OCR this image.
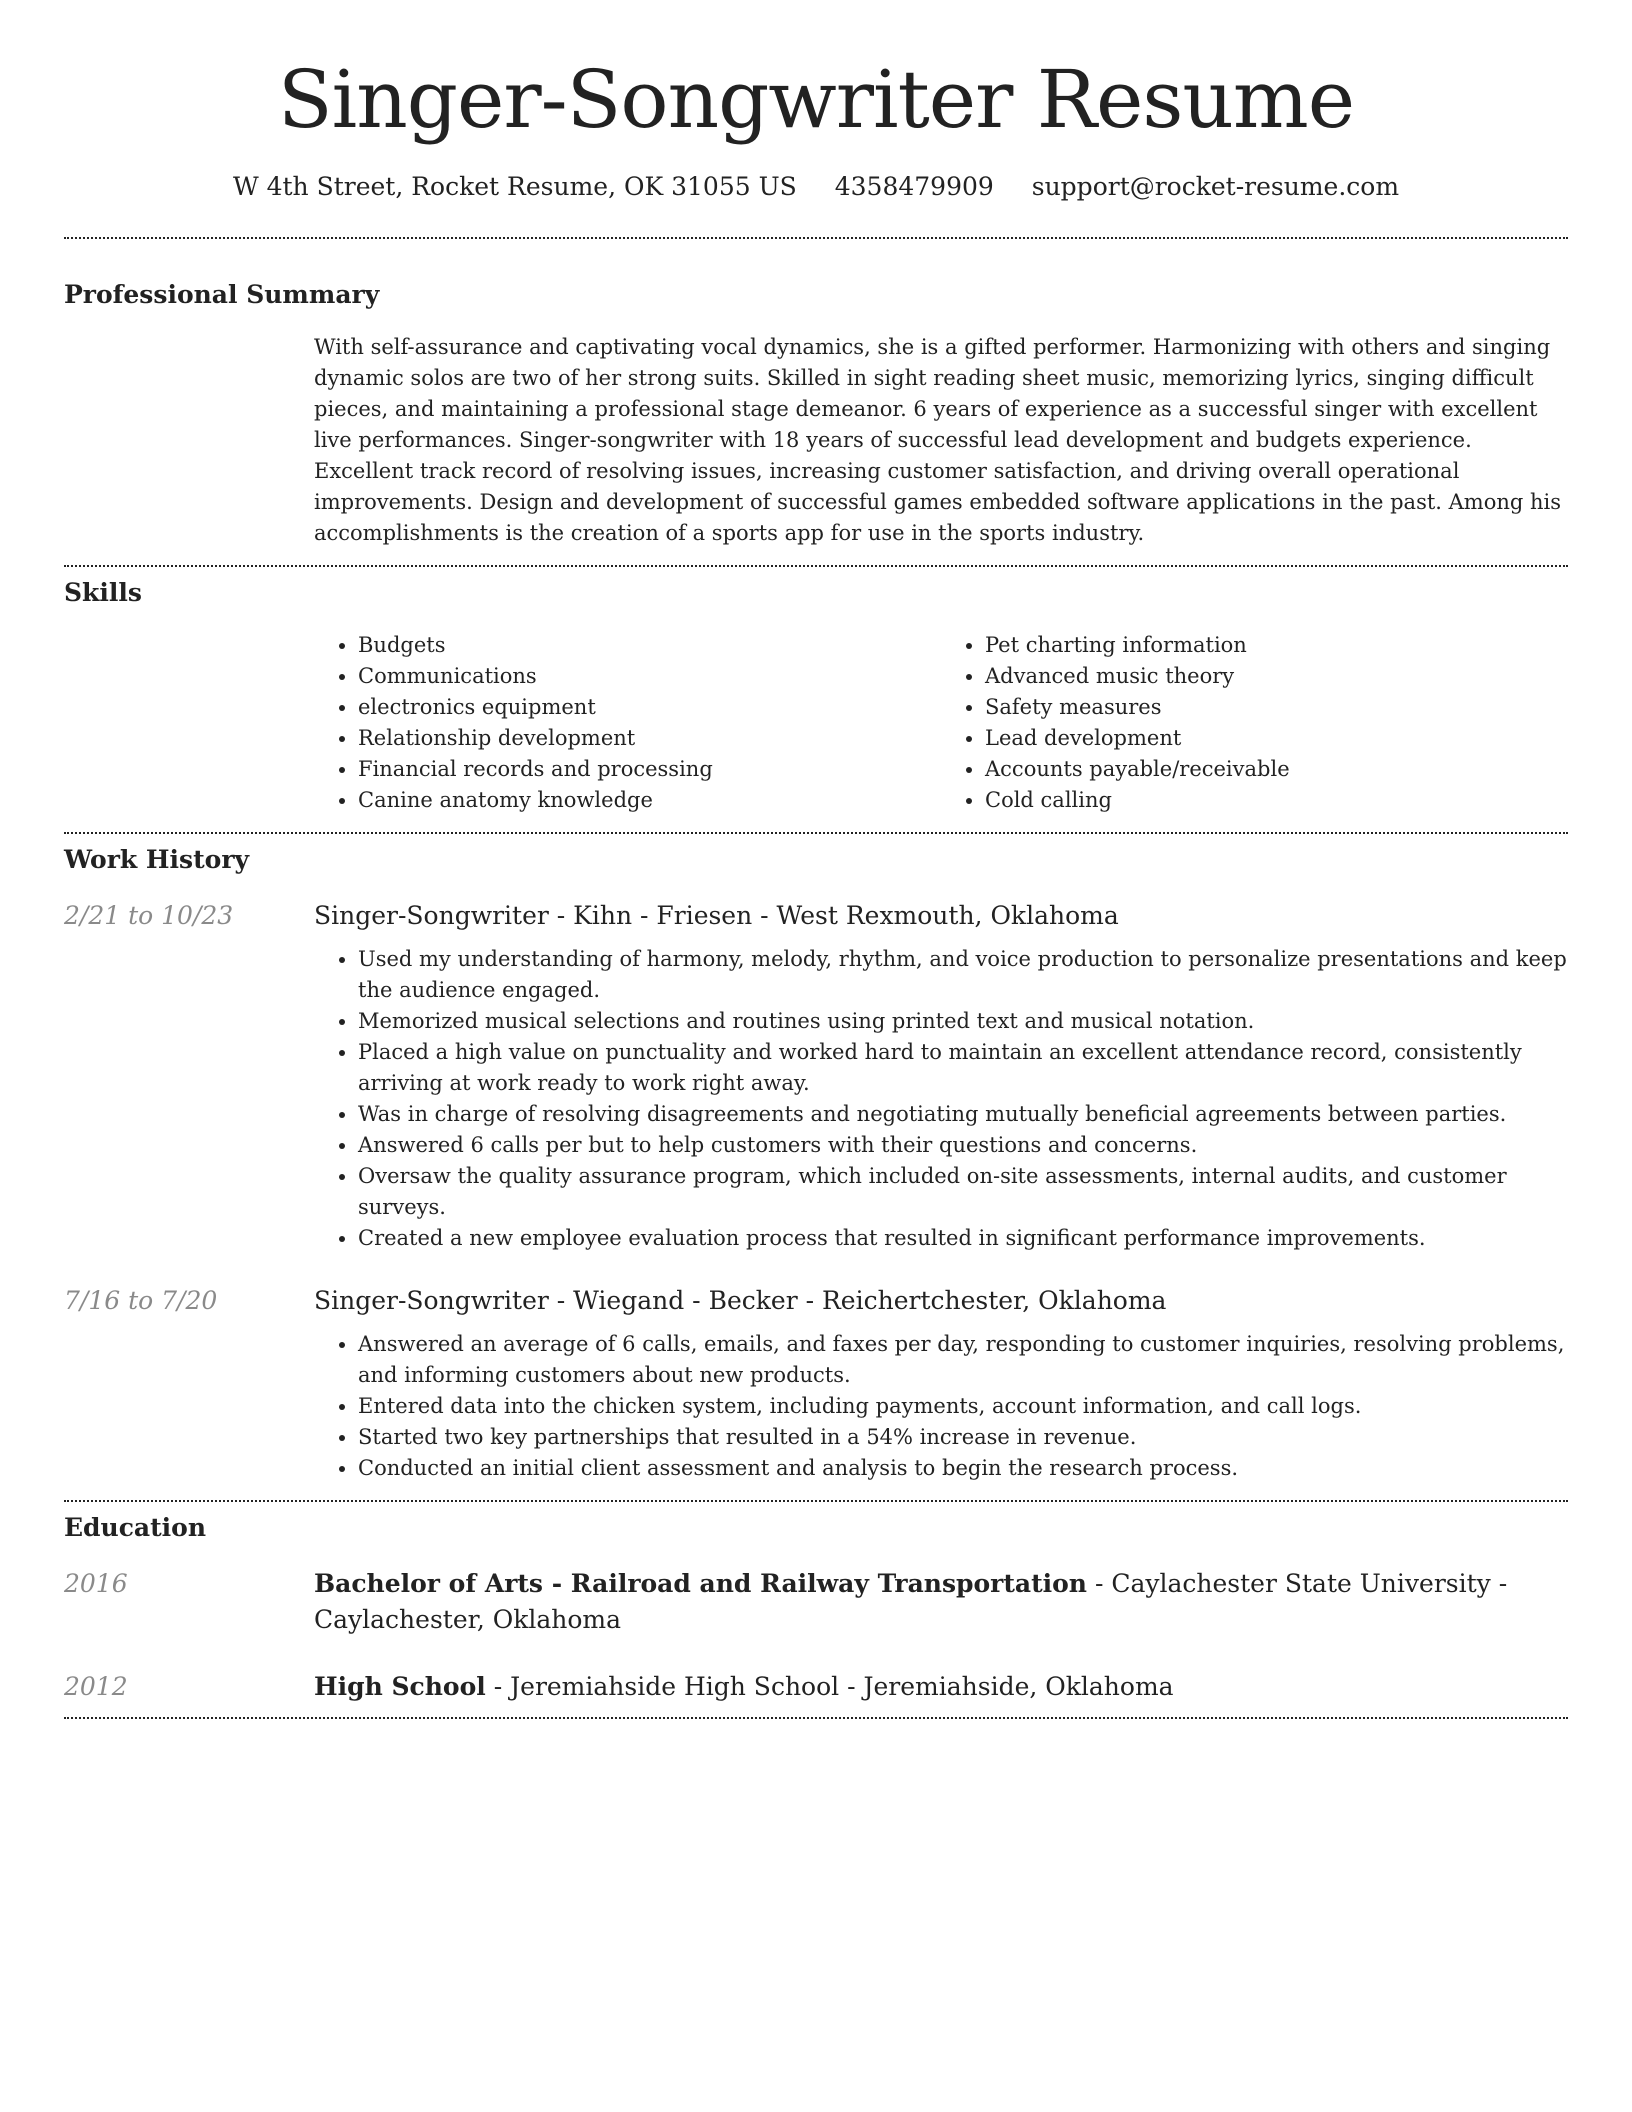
Singer-Songwriter Resume
W 4th Street, Rocket Resume, OK 31055 US 4358479909 support@rocket-resume.com
Professional Summary

With self-assurance and captivating vocal dynamics, she is a gifted performer. Harmonizing with others and singing dynamic solos are two of her strong suits. Skilled in sight reading sheet music, memorizing lyrics, singing difficult pieces, and maintaining a professional stage demeanor. 6 years of experience as a successful singer with excellent live performances. Singer-songwriter with 18 years of successful lead development and budgets experience. Excellent track record of resolving issues, increasing customer satisfaction, and driving overall operational improvements. Design and development of successful games embedded software applications in the past. Among his accomplishments is the creation of a sports app for use in the sports industry.

Skills
• Budgets
• Communications
• electronics equipment
• Relationship development
• Financial records and processing
• Canine anatomy knowledge
• Pet charting information
• Advanced music theory
• Safety measures
• Lead development
• Accounts payable/receivable
• Cold calling
Work History
2/21 to 10/23	Singer-Songwriter - Kihn - Friesen - West Rexmouth, Oklahoma
• Used my understanding of harmony, melody, rhythm, and voice production to personalize presentations and keep the audience engaged.
• Memorized musical selections and routines using printed text and musical notation.
• Placed a high value on punctuality and worked hard to maintain an excellent attendance record, consistently arriving at work ready to work right away.
• Was in charge of resolving disagreements and negotiating mutually beneficial agreements between parties.
• Answered 6 calls per but to help customers with their questions and concerns.
• Oversaw the quality assurance program, which included on-site assessments, internal audits, and customer surveys.
• Created a new employee evaluation process that resulted in significant performance improvements.
7/16 to 7/20	Singer-Songwriter - Wiegand - Becker - Reichertchester, Oklahoma
• Answered an average of 6 calls, emails, and faxes per day, responding to customer inquiries, resolving problems, and informing customers about new products.
• Entered data into the chicken system, including payments, account information, and call logs.
• Started two key partnerships that resulted in a 54% increase in revenue.
• Conducted an initial client assessment and analysis to begin the research process.
Education
2016	Bachelor of Arts - Railroad and Railway Transportation - Caylachester State University - Caylachester, Oklahoma
2012	High School - Jeremiahside High School - Jeremiahside, Oklahoma
